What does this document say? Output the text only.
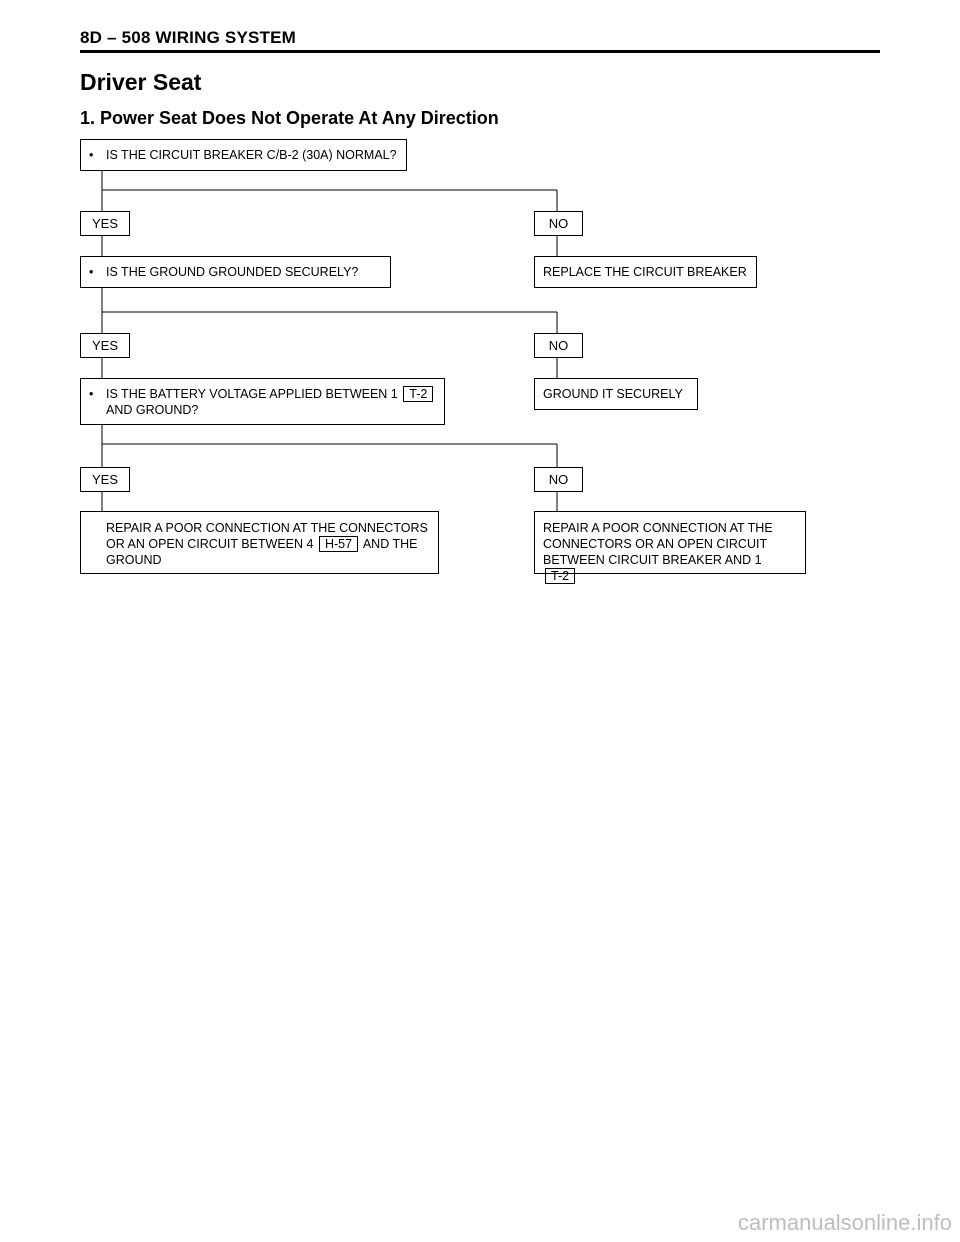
8D – 508 WIRING SYSTEM
Driver Seat
1. Power Seat Does Not Operate At Any Direction
• IS THE CIRCUIT BREAKER C/B-2 (30A) NORMAL?
YES	NO
• IS THE GROUND GROUNDED SECURELY?	REPLACE THE CIRCUIT BREAKER
YES	NO
• IS THE BATTERY VOLTAGE APPLIED BETWEEN 1 T-2
AND GROUND?
GROUND IT SECURELY
YES	NO
REPAIR A POOR CONNECTION AT THE CONNECTORS
OR AN OPEN CIRCUIT BETWEEN 4 H-57 AND THE
GROUND
REPAIR A POOR CONNECTION AT THE
CONNECTORS OR AN OPEN CIRCUIT
BETWEEN CIRCUIT BREAKER AND 1 T-2
carmanualsonline.info
